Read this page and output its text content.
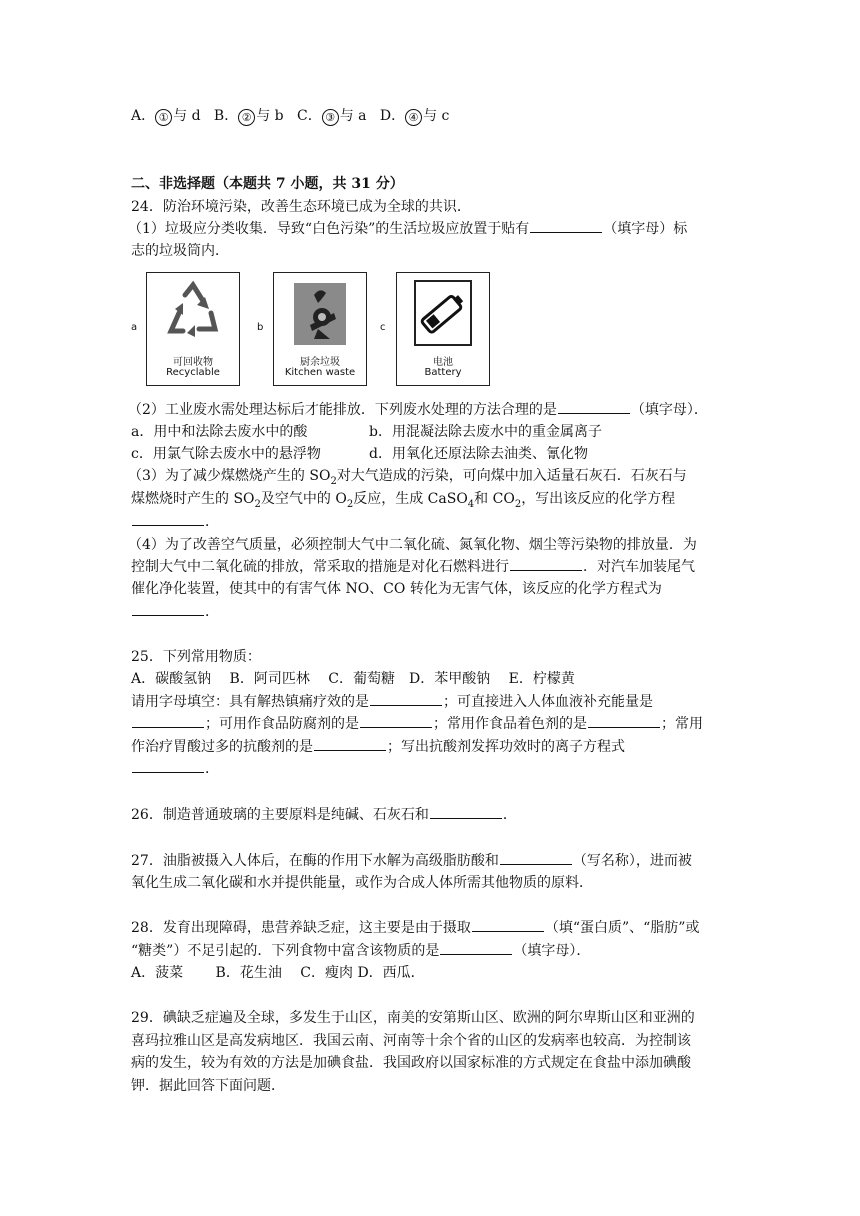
A． ① 与 d B． ② 与 b C． ③ 与 a D． ④ 与 c
二、非选择题（本题共 7 小题，共 31 分）
24．防治环境污染，改善生态环境已成为全球的共识．
（1）垃圾应分类收集．导致“白色污染”的生活垃圾应放置于贴有	（填字母）标
志的垃圾筒内．
a
可回收物
Recyclable
b
厨余垃圾
Kitchen waste
c
电池
Battery
（2）工业废水需处理达标后才能排放．下列废水处理的方法合理的是	（填字母）．
a．用中和法除去废水中的酸	b．用混凝法除去废水中的重金属离子
c．用氯气除去废水中的悬浮物	d．用氧化还原法除去油类、氰化物
（3）为了减少煤燃烧产生的 $SO_2$对大气造成的污染，可向煤中加入适量石灰石．石灰石与
煤燃烧时产生的 $SO_2$及空气中的 $O_2$反应，生成 CaSO$_4$和 $CO_2$，写出该反应的化学方程
．
（4）为了改善空气质量，必须控制大气中二氧化硫、氮氧化物、烟尘等污染物的排放量．为
控制大气中二氧化硫的排放，常采取的措施是对化石燃料进行	．对汽车加装尾气
催化净化装置，使其中的有害气体 NO、CO 转化为无害气体，该反应的化学方程式为
．
25．下列常用物质：
A．碳酸氢钠　 B．阿司匹林　 C．葡萄糖　D．苯甲酸钠　 E．柠檬黄
请用字母填空：具有解热镇痛疗效的是	；可直接进入人体血液补充能量是
；可用作食品防腐剂的是	；常用作食品着色剂的是	；常用
作治疗胃酸过多的抗酸剂的是	；写出抗酸剂发挥功效时的离子方程式
．
26．制造普通玻璃的主要原料是纯碱、石灰石和	．
27．油脂被摄入人体后，在酶的作用下水解为高级脂肪酸和	（写名称），进而被
氧化生成二氧化碳和水并提供能量，或作为合成人体所需其他物质的原料．
28．发育出现障碍，患营养缺乏症，这主要是由于摄取	（填“蛋白质”、“脂肪”或
“糖类”）不足引起的．下列食物中富含该物质的是	（填字母）．
A．菠菜　　 B．花生油　 C．瘦肉 D．西瓜．
29．碘缺乏症遍及全球，多发生于山区，南美的安第斯山区、欧洲的阿尔卑斯山区和亚洲的
喜玛拉雅山区是高发病地区．我国云南、河南等十余个省的山区的发病率也较高．为控制该
病的发生，较为有效的方法是加碘食盐．我国政府以国家标准的方式规定在食盐中添加碘酸
钾．据此回答下面问题．
